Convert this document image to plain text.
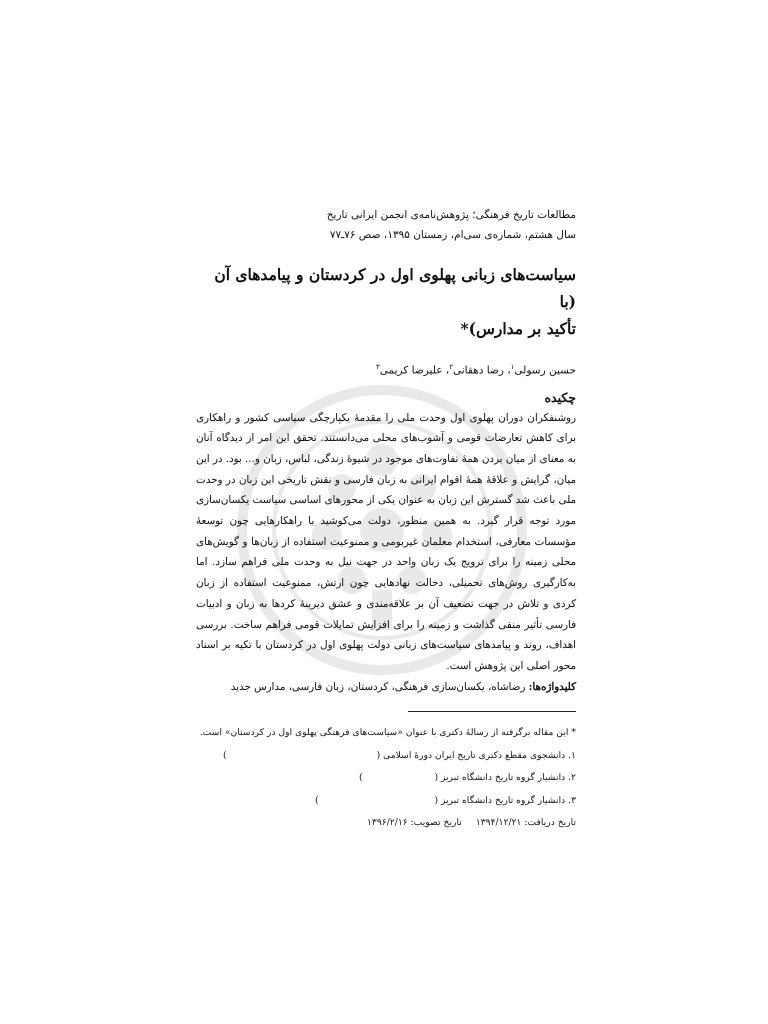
مطالعات تاریخ فرهنگی؛ پژوهش‌نامه‌ی انجمن ایرانی تاریخ
سال هشتم، شماره‌ی سی‌ام، زمستان ۱۳۹۵، صص ۷۶ـ۷۷
سیاست‌های زبانی پهلوی اول در کردستان و پیامدهای آن (با
تأکید بر مدارس)*
حسین رسولی$^۱$، رضا دهقانی$^۲$، علیرضا کریمی$^۳$
چکیده

روشنفکران دوران پهلوی اول وحدت ملی را مقدمهٔ یکپارچگی سیاسی کشور و راهکاری برای کاهش تعارضات قومی و آشوب‌های محلی می‌دانستند. تحقق این امر از دیدگاه آنان به معنای از میان بردن همهٔ تفاوت‌های موجود در شیوهٔ زندگی، لباس، زبان و... بود. در این میان، گرایش و علاقهٔ همهٔ اقوام ایرانی به زبان فارسی و نقش تاریخی این زبان در وحدت ملی باعث شد گسترش این زبان به عنوان یکی از محورهای اساسی سیاست یکسان‌سازی مورد توجه قرار گیرد. به همین منظور، دولت می‌کوشید با راهکارهایی چون توسعهٔ مؤسسات معارفی، استخدام معلمان غیربومی و ممنوعیت استفاده از زبان‌ها و گویش‌های محلی زمینه را برای ترویج یک زبان واحد در جهت نیل به وحدت ملی فراهم سازد. اما به‌کارگیری روش‌های تحمیلی، دخالت نهادهایی چون ارتش، ممنوعیت استفاده از زبان کردی و تلاش در جهت تضعیف آن بر علاقه‌مندی و عشق دیرینهٔ کردها به زبان و ادبیات فارسی تأثیر منفی گذاشت و زمینه را برای افزایش تمایلات قومی فراهم ساخت. بررسی اهداف، روند و پیامدهای سیاست‌های زبانی دولت پهلوی اول در کردستان با تکیه بر اسناد محور اصلی این پژوهش است.

کلیدواژه‌ها: رضاشاه، یکسان‌سازی فرهنگی، کردستان، زبان فارسی، مدارس جدید
* این مقاله برگرفته از رسالهٔ دکتری با عنوان «سیاست‌های فرهنگی پهلوی اول در کردستان» است.
۱. دانشجوی مقطع دکتری تاریخ ایران دورهٔ اسلامی ()
۲. دانشیار گروه تاریخ دانشگاه تبریز ()
۳. دانشیار گروه تاریخ دانشگاه تبریز ()
تاریخ دریافت: ۱۳۹۴/۱۲/۲۱تاریخ تصویب: ۱۳۹۶/۲/۱۶
